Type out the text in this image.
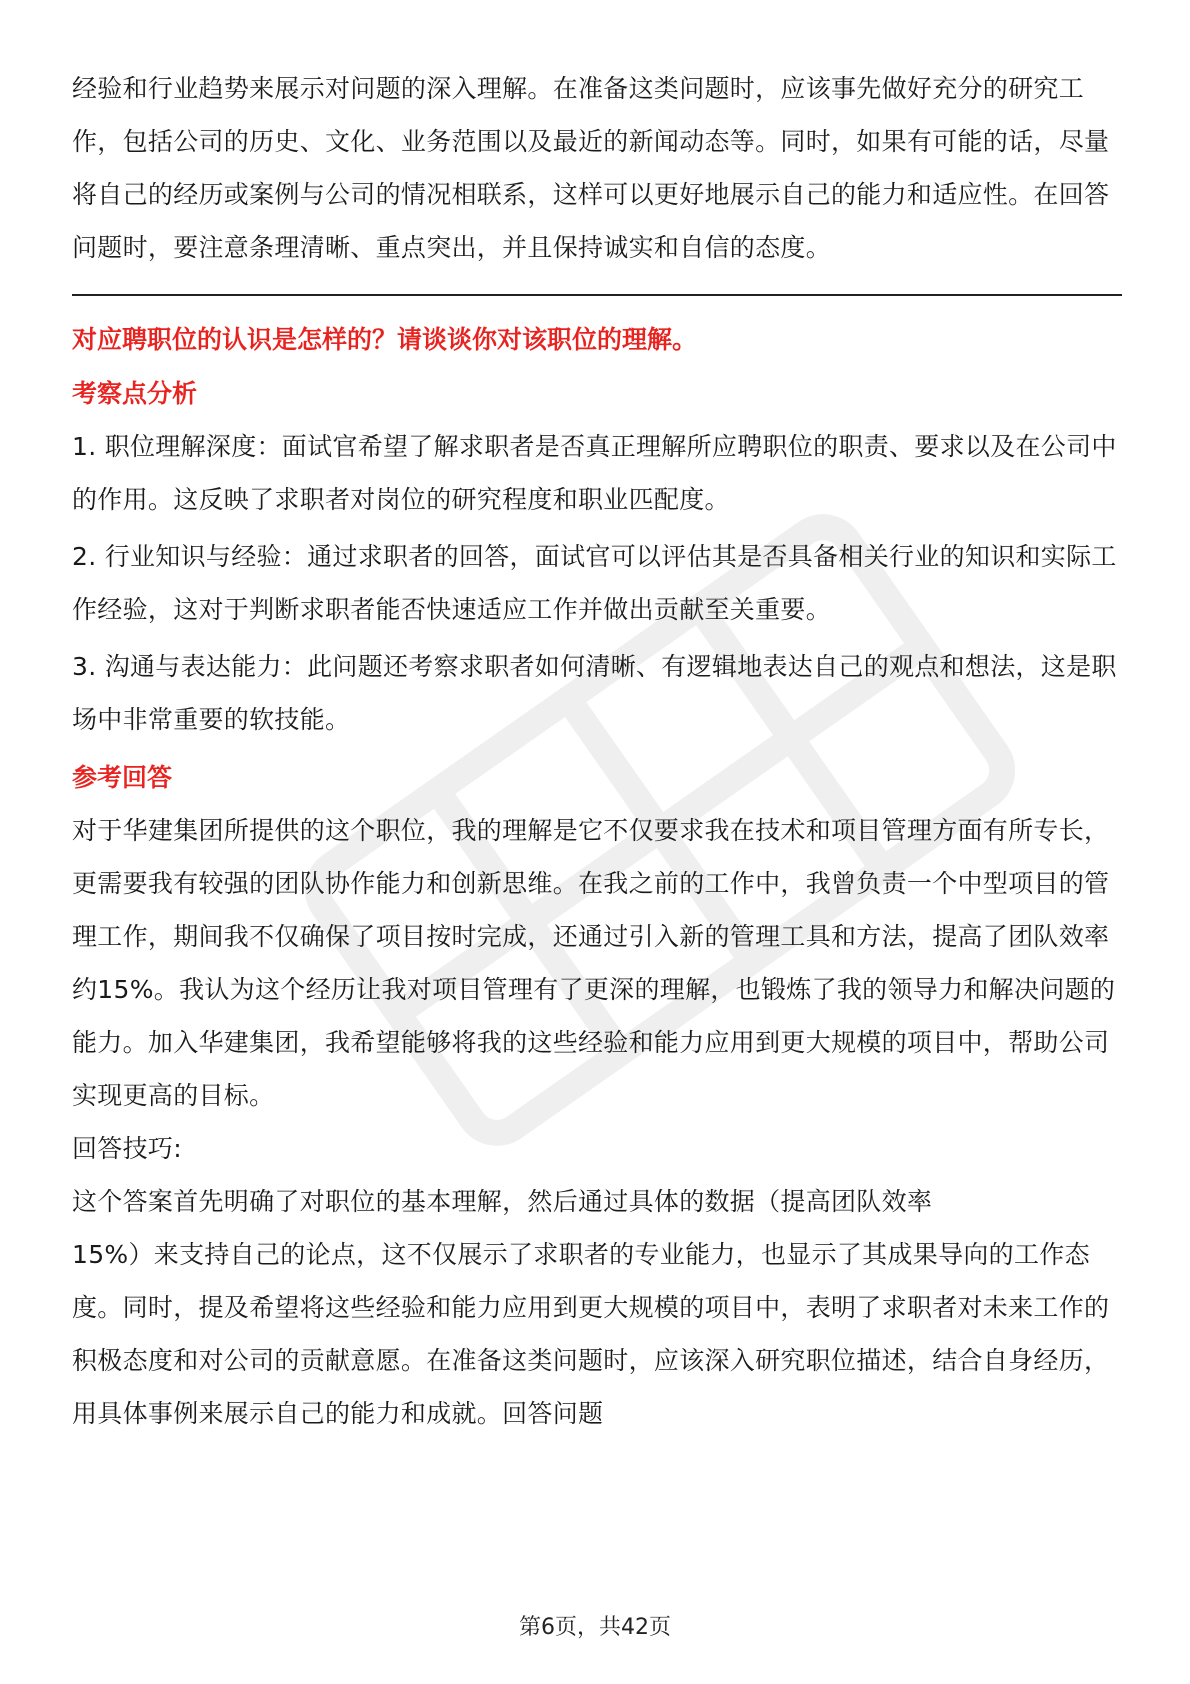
经验和行业趋势来展示对问题的深入理解。在准备这类问题时，应该事先做好充分的研究工作，包括公司的历史、文化、业务范围以及最近的新闻动态等。同时，如果有可能的话，尽量将自己的经历或案例与公司的情况相联系，这样可以更好地展示自己的能力和适应性。在回答问题时，要注意条理清晰、重点突出，并且保持诚实和自信的态度。

对应聘职位的认识是怎样的？请谈谈你对该职位的理解。

考察点分析

1. 职位理解深度：面试官希望了解求职者是否真正理解所应聘职位的职责、要求以及在公司中的作用。这反映了求职者对岗位的研究程度和职业匹配度。

2. 行业知识与经验：通过求职者的回答，面试官可以评估其是否具备相关行业的知识和实际工作经验，这对于判断求职者能否快速适应工作并做出贡献至关重要。

3. 沟通与表达能力：此问题还考察求职者如何清晰、有逻辑地表达自己的观点和想法，这是职场中非常重要的软技能。

参考回答

对于华建集团所提供的这个职位，我的理解是它不仅要求我在技术和项目管理方面有所专长，更需要我有较强的团队协作能力和创新思维。在我之前的工作中，我曾负责一个中型项目的管理工作，期间我不仅确保了项目按时完成，还通过引入新的管理工具和方法，提高了团队效率约15%。我认为这个经历让我对项目管理有了更深的理解，也锻炼了我的领导力和解决问题的能力。加入华建集团，我希望能够将我的这些经验和能力应用到更大规模的项目中，帮助公司实现更高的目标。

回答技巧:

这个答案首先明确了对职位的基本理解，然后通过具体的数据（提高团队效率

15%）来支持自己的论点，这不仅展示了求职者的专业能力，也显示了其成果导向的工作态度。同时，提及希望将这些经验和能力应用到更大规模的项目中，表明了求职者对未来工作的积极态度和对公司的贡献意愿。在准备这类问题时，应该深入研究职位描述，结合自身经历，用具体事例来展示自己的能力和成就。回答问题

第6页，共42页
